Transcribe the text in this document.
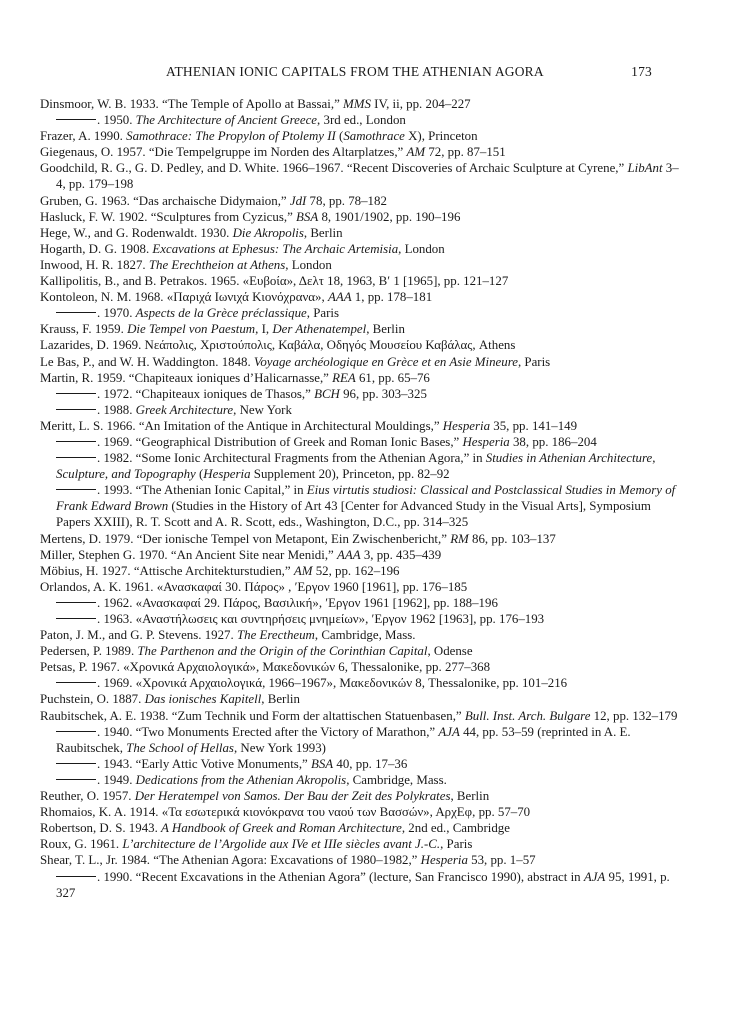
ATHENIAN IONIC CAPITALS FROM THE ATHENIAN AGORA	173

Dinsmoor, W. B. 1933. “The Temple of Apollo at Bassai,” MMS IV, ii, pp. 204–227

. 1950. The Architecture of Ancient Greece, 3rd ed., London

Frazer, A. 1990. Samothrace: The Propylon of Ptolemy II (Samothrace X), Princeton

Giegenaus, O. 1957. “Die Tempelgruppe im Norden des Altarplatzes,” AM 72, pp. 87–151

Goodchild, R. G., G. D. Pedley, and D. White. 1966–1967. “Recent Discoveries of Archaic Sculpture at Cyrene,” LibAnt 3–4, pp. 179–198

Gruben, G. 1963. “Das archaische Didymaion,” JdI 78, pp. 78–182

Hasluck, F. W. 1902. “Sculptures from Cyzicus,” BSA 8, 1901/1902, pp. 190–196

Hege, W., and G. Rodenwaldt. 1930. Die Akropolis, Berlin

Hogarth, D. G. 1908. Excavations at Ephesus: The Archaic Artemisia, London

Inwood, H. R. 1827. The Erechtheion at Athens, London

Kallipolitis, B., and B. Petrakos. 1965. «Ευβοία», Δελτ 18, 1963, B′ 1 [1965], pp. 121–127

Kontoleon, N. M. 1968. «Παριχά Ιωνιχά Κιονόχρανα», AAA 1, pp. 178–181

. 1970. Aspects de la Grèce préclassique, Paris

Krauss, F. 1959. Die Tempel von Paestum, I, Der Athenatempel, Berlin

Lazarides, D. 1969. Νεάπολις, Χριστούπολις, Καβάλα, Οδηγός Μουσείου Καβάλας, Athens

Le Bas, P., and W. H. Waddington. 1848. Voyage archéologique en Grèce et en Asie Mineure, Paris

Martin, R. 1959. “Chapiteaux ioniques d’Halicarnasse,” REA 61, pp. 65–76

. 1972. “Chapiteaux ioniques de Thasos,” BCH 96, pp. 303–325

. 1988. Greek Architecture, New York

Meritt, L. S. 1966. “An Imitation of the Antique in Architectural Mouldings,” Hesperia 35, pp. 141–149

. 1969. “Geographical Distribution of Greek and Roman Ionic Bases,” Hesperia 38, pp. 186–204

. 1982. “Some Ionic Architectural Fragments from the Athenian Agora,” in Studies in Athenian Architecture, Sculpture, and Topography (Hesperia Supplement 20), Princeton, pp. 82–92

. 1993. “The Athenian Ionic Capital,” in Eius virtutis studiosi: Classical and Postclassical Studies in Memory of Frank Edward Brown (Studies in the History of Art 43 [Center for Advanced Study in the Visual Arts], Symposium Papers XXIII), R. T. Scott and A. R. Scott, eds., Washington, D.C., pp. 314–325

Mertens, D. 1979. “Der ionische Tempel von Metapont, Ein Zwischenbericht,” RM 86, pp. 103–137

Miller, Stephen G. 1970. “An Ancient Site near Menidi,” AAA 3, pp. 435–439

Möbius, H. 1927. “Attische Architekturstudien,” AM 52, pp. 162–196

Orlandos, A. K. 1961. «Ανασκαφαί 30. Πάρος» , ′Εργον 1960 [1961], pp. 176–185

. 1962. «Ανασκαφαί 29. Πάρος, Βασιλική», ′Εργον 1961 [1962], pp. 188–196

. 1963. «Αναστήλωσεις και συντηρήσεις μνημείων», ′Εργον 1962 [1963], pp. 176–193

Paton, J. M., and G. P. Stevens. 1927. The Erectheum, Cambridge, Mass.

Pedersen, P. 1989. The Parthenon and the Origin of the Corinthian Capital, Odense

Petsas, P. 1967. «Χρονικά Αρχαιολογικά», Μακεδονικών 6, Thessalonike, pp. 277–368

. 1969. «Χρονικά Αρχαιολογικά, 1966–1967», Μακεδονικών 8, Thessalonike, pp. 101–216

Puchstein, O. 1887. Das ionisches Kapitell, Berlin

Raubitschek, A. E. 1938. “Zum Technik und Form der altattischen Statuenbasen,” Bull. Inst. Arch. Bulgare 12, pp. 132–179

. 1940. “Two Monuments Erected after the Victory of Marathon,” AJA 44, pp. 53–59 (reprinted in A. E. Raubitschek, The School of Hellas, New York 1993)

. 1943. “Early Attic Votive Monuments,” BSA 40, pp. 17–36

. 1949. Dedications from the Athenian Akropolis, Cambridge, Mass.

Reuther, O. 1957. Der Heratempel von Samos. Der Bau der Zeit des Polykrates, Berlin

Rhomaios, K. A. 1914. «Τα εσωτερικά κιονόκρανα του ναού των Βασσών», ΑρχΕφ, pp. 57–70

Robertson, D. S. 1943. A Handbook of Greek and Roman Architecture, 2nd ed., Cambridge

Roux, G. 1961. L’architecture de l’Argolide aux IVe et IIIe siècles avant J.-C., Paris

Shear, T. L., Jr. 1984. “The Athenian Agora: Excavations of 1980–1982,” Hesperia 53, pp. 1–57

. 1990. “Recent Excavations in the Athenian Agora” (lecture, San Francisco 1990), abstract in AJA 95, 1991, p. 327
